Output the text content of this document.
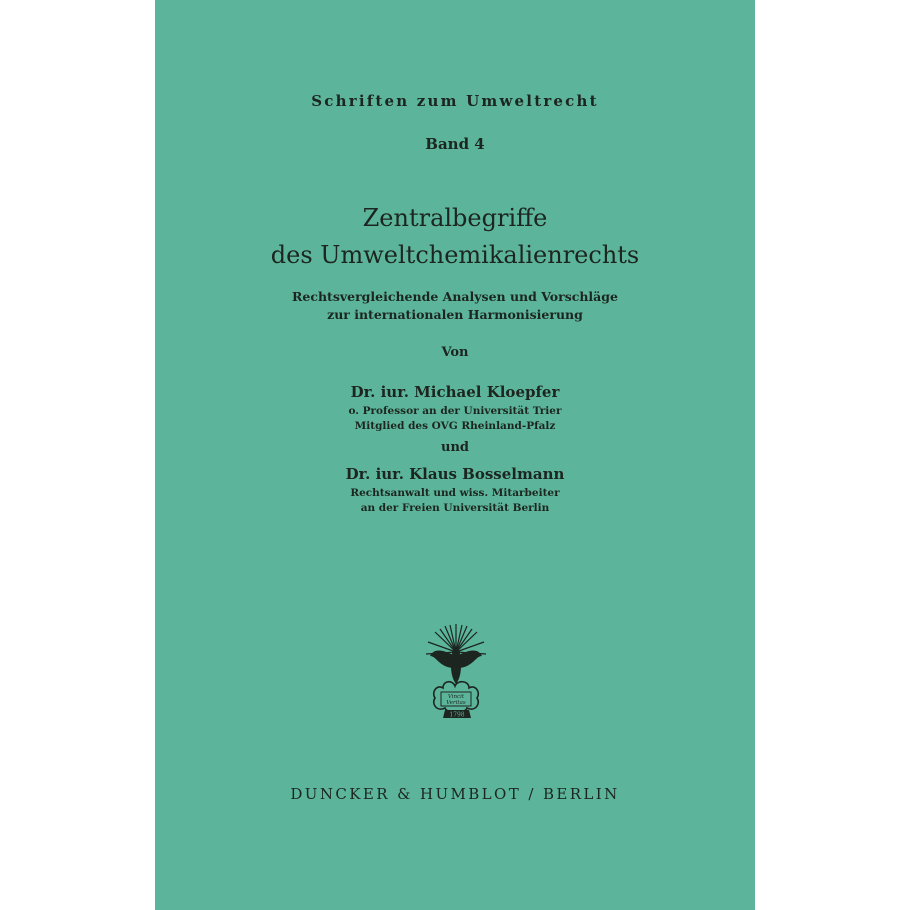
Schriften zum Umweltrecht

Band 4

Zentralbegriffe

des Umweltchemikalienrechts

Rechtsvergleichende Analysen und Vorschläge

zur internationalen Harmonisierung

Von

Dr. iur. Michael Kloepfer

o. Professor an der Universität Trier

Mitglied des OVG Rheinland-Pfalz

und

Dr. iur. Klaus Bosselmann

Rechtsanwalt und wiss. Mitarbeiter

an der Freien Universität Berlin

Vincit
Veritas
1798

DUNCKER & HUMBLOT / BERLIN
